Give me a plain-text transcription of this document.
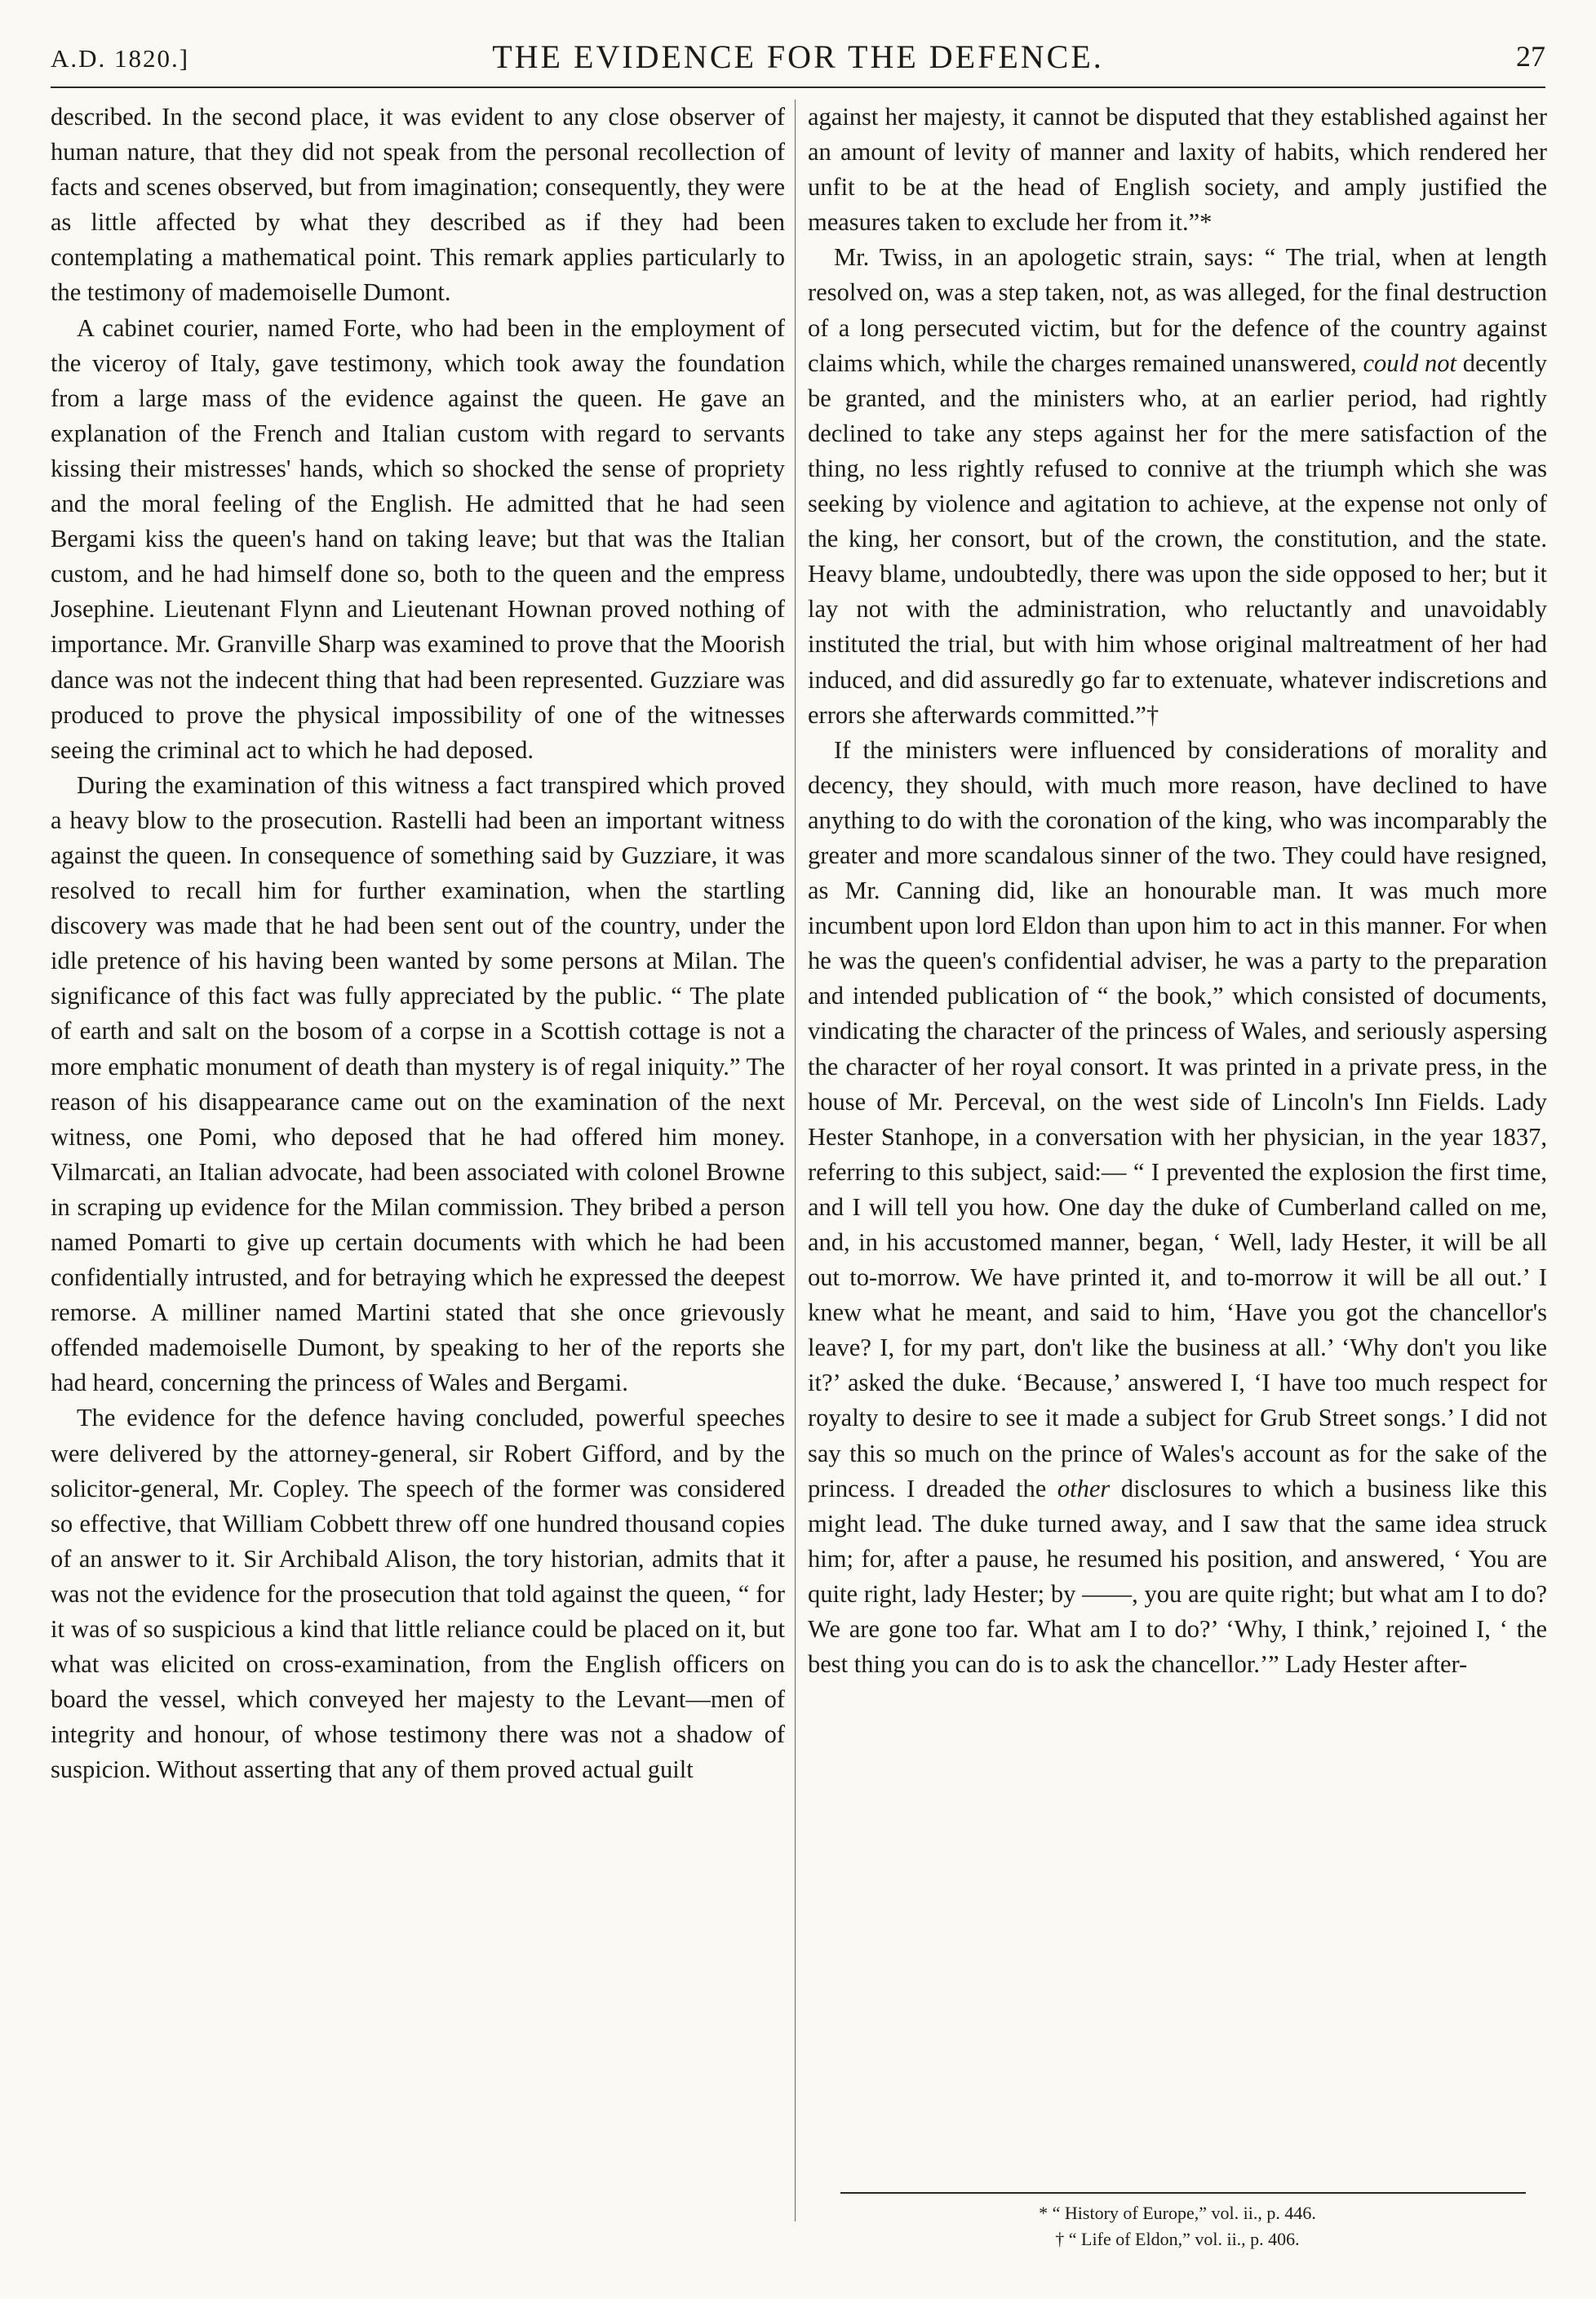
A.D. 1820.]	THE EVIDENCE FOR THE DEFENCE.	27

described. In the second place, it was evident to any close observer of human nature, that they did not speak from the personal recollection of facts and scenes observed, but from imagination; consequently, they were as little affected by what they described as if they had been contemplating a mathematical point. This remark applies particularly to the testimony of mademoiselle Dumont.

A cabinet courier, named Forte, who had been in the employment of the viceroy of Italy, gave testimony, which took away the foundation from a large mass of the evidence against the queen. He gave an explanation of the French and Italian custom with regard to servants kissing their mistresses' hands, which so shocked the sense of propriety and the moral feeling of the English. He admitted that he had seen Bergami kiss the queen's hand on taking leave; but that was the Italian custom, and he had himself done so, both to the queen and the empress Josephine. Lieutenant Flynn and Lieutenant Hownan proved nothing of importance. Mr. Granville Sharp was examined to prove that the Moorish dance was not the indecent thing that had been represented. Guzziare was produced to prove the physical impossibility of one of the witnesses seeing the criminal act to which he had deposed.

During the examination of this witness a fact transpired which proved a heavy blow to the prosecution. Rastelli had been an important witness against the queen. In consequence of something said by Guzziare, it was resolved to recall him for further examination, when the startling discovery was made that he had been sent out of the country, under the idle pretence of his having been wanted by some persons at Milan. The significance of this fact was fully appreciated by the public. “ The plate of earth and salt on the bosom of a corpse in a Scottish cottage is not a more emphatic monument of death than mystery is of regal iniquity.” The reason of his disappearance came out on the examination of the next witness, one Pomi, who deposed that he had offered him money. Vilmarcati, an Italian advocate, had been associated with colonel Browne in scraping up evidence for the Milan commission. They bribed a person named Pomarti to give up certain documents with which he had been confidentially intrusted, and for betraying which he expressed the deepest remorse. A milliner named Martini stated that she once grievously offended mademoiselle Dumont, by speaking to her of the reports she had heard, concerning the princess of Wales and Bergami.

The evidence for the defence having concluded, powerful speeches were delivered by the attorney-general, sir Robert Gifford, and by the solicitor-general, Mr. Copley. The speech of the former was considered so effective, that William Cobbett threw off one hundred thousand copies of an answer to it. Sir Archibald Alison, the tory historian, admits that it was not the evidence for the prosecution that told against the queen, “ for it was of so suspicious a kind that little reliance could be placed on it, but what was elicited on cross-examination, from the English officers on board the vessel, which conveyed her majesty to the Levant—men of integrity and honour, of whose testimony there was not a shadow of suspicion. Without asserting that any of them proved actual guilt

against her majesty, it cannot be disputed that they established against her an amount of levity of manner and laxity of habits, which rendered her unfit to be at the head of English society, and amply justified the measures taken to exclude her from it.”*

Mr. Twiss, in an apologetic strain, says: “ The trial, when at length resolved on, was a step taken, not, as was alleged, for the final destruction of a long persecuted victim, but for the defence of the country against claims which, while the charges remained unanswered, could not decently be granted, and the ministers who, at an earlier period, had rightly declined to take any steps against her for the mere satisfaction of the thing, no less rightly refused to connive at the triumph which she was seeking by violence and agitation to achieve, at the expense not only of the king, her consort, but of the crown, the constitution, and the state. Heavy blame, undoubtedly, there was upon the side opposed to her; but it lay not with the administration, who reluctantly and unavoidably instituted the trial, but with him whose original maltreatment of her had induced, and did assuredly go far to extenuate, whatever indiscretions and errors she afterwards committed.”†

If the ministers were influenced by considerations of morality and decency, they should, with much more reason, have declined to have anything to do with the coronation of the king, who was incomparably the greater and more scandalous sinner of the two. They could have resigned, as Mr. Canning did, like an honourable man. It was much more incumbent upon lord Eldon than upon him to act in this manner. For when he was the queen's confidential adviser, he was a party to the preparation and intended publication of “ the book,” which consisted of documents, vindicating the character of the princess of Wales, and seriously aspersing the character of her royal consort. It was printed in a private press, in the house of Mr. Perceval, on the west side of Lincoln's Inn Fields. Lady Hester Stanhope, in a conversation with her physician, in the year 1837, referring to this subject, said:— “ I prevented the explosion the first time, and I will tell you how. One day the duke of Cumberland called on me, and, in his accustomed manner, began, ‘ Well, lady Hester, it will be all out to-morrow. We have printed it, and to-morrow it will be all out.’ I knew what he meant, and said to him, ‘Have you got the chancellor's leave? I, for my part, don't like the business at all.’ ‘Why don't you like it?’ asked the duke. ‘Because,’ answered I, ‘I have too much respect for royalty to desire to see it made a subject for Grub Street songs.’ I did not say this so much on the prince of Wales's account as for the sake of the princess. I dreaded the other disclosures to which a business like this might lead. The duke turned away, and I saw that the same idea struck him; for, after a pause, he resumed his position, and answered, ‘ You are quite right, lady Hester; by ——, you are quite right; but what am I to do? We are gone too far. What am I to do?’ ‘Why, I think,’ rejoined I, ‘ the best thing you can do is to ask the chancellor.’” Lady Hester after-

* “ History of Europe,” vol. ii., p. 446.
† “ Life of Eldon,” vol. ii., p. 406.
